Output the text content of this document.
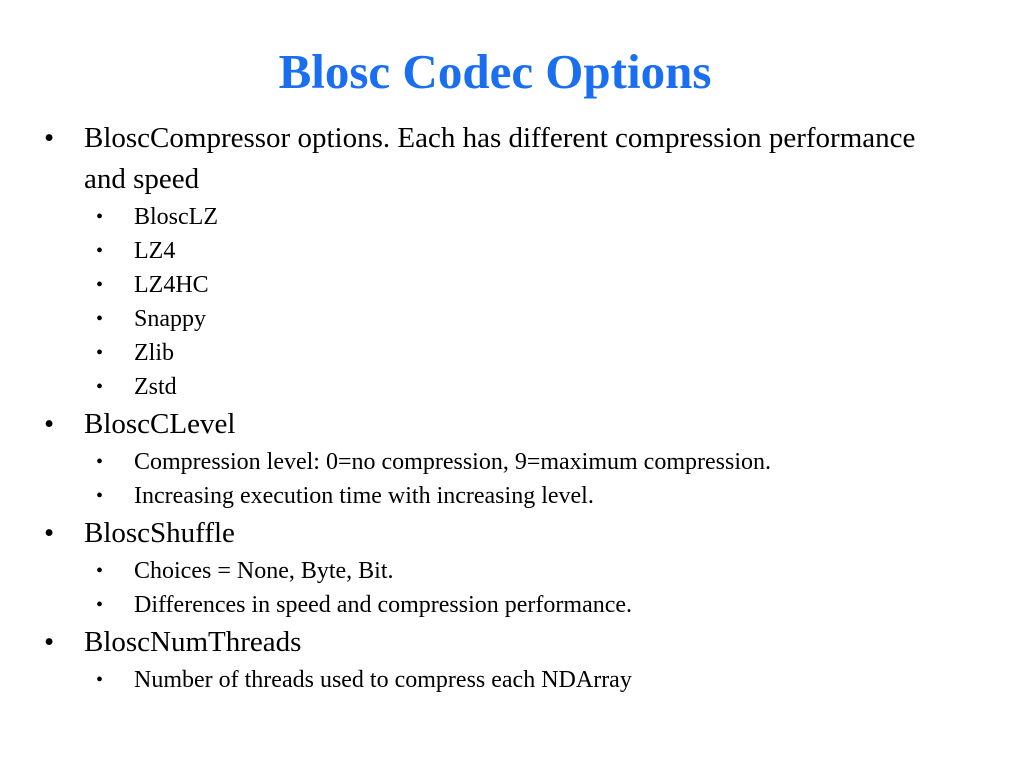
Blosc Codec Options
• BloscCompressor options. Each has different compression performance and speed
• BloscLZ
• LZ4
• LZ4HC
• Snappy
• Zlib
• Zstd
• BloscCLevel
• Compression level: 0=no compression, 9=maximum compression.
• Increasing execution time with increasing level.
• BloscShuffle
• Choices = None, Byte, Bit.
• Differences in speed and compression performance.
• BloscNumThreads
• Number of threads used to compress each NDArray
